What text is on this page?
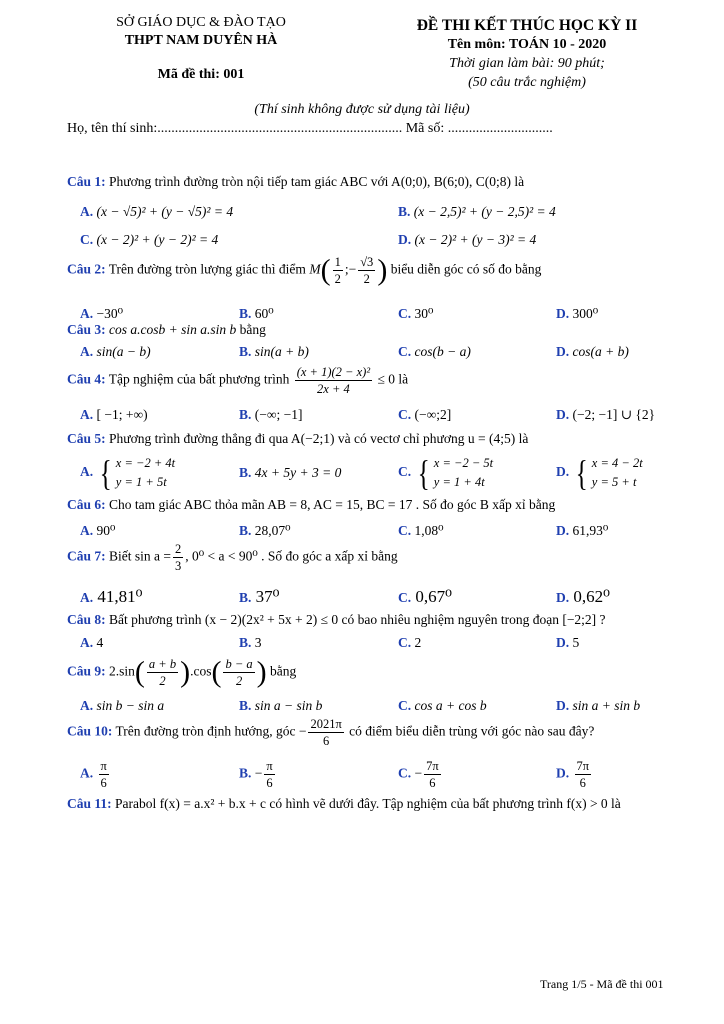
SỞ GIÁO DỤC & ĐÀO TẠO
THPT NAM DUYÊN HÀ
Mã đề thi: 001
ĐỀ THI KẾT THÚC HỌC KỲ II
Tên môn: TOÁN 10 - 2020
Thời gian làm bài: 90 phút;
(50 câu trắc nghiệm)
(Thí sinh không được sử dụng tài liệu)
Họ, tên thí sinh:...................................................................... Mã số: ..............................
Câu 1: Phương trình đường tròn nội tiếp tam giác ABC với A(0;0), B(6;0), C(0;8) là
A. (x − √5)² + (y − √5)² = 4	B. (x − 2,5)² + (y − 2,5)² = 4
C. (x − 2)² + (y − 2)² = 4	D. (x − 2)² + (y − 3)² = 4
Câu 2: Trên đường tròn lượng giác thì điểm $M( \frac{1}{2}$ ;− $\frac{√3}{2}$ ) biểu diễn góc có số đo bằng
A. −30⁰	B. 60⁰	C. 30⁰	D. 300⁰
Câu 3: cos a.cosb + sin a.sin b bằng
A. sin(a − b)	B. sin(a + b)	C. cos(b − a)	D. cos(a + b)
Câu 4: Tập nghiệm của bất phương trình $\frac{\text{(x + 1)(2 − x)²}}{2x + 4} \le 0$ là
A. [ −1; +∞)	B. (−∞; −1]	C. (−∞;2]	D. (−2; −1] ∪ {2}
Câu 5: Phương trình đường thẳng đi qua A(−2;1) và có vectơ chỉ phương u = (4;5) là
A. { x = −2 + 4t
y = 1 + 5t
B. 4x + 5y + 3 = 0	C. { x = −2 − 5t
y = 1 + 4t
D. { x = 4 − 2t
y = 5 + t
Câu 6: Cho tam giác ABC thỏa mãn AB = 8, AC = 15, BC = 17 . Số đo góc B xấp xỉ bằng
A. 90⁰	B. 28,07⁰	C. 1,08⁰	D. 61,93⁰
Câu 7: Biết $\sin a = \frac{2}{3}$ , 0⁰ < a < 90⁰ . Số đo góc a xấp xỉ bằng
A. 41,81⁰	B. 37⁰	C. 0,67⁰	D. 0,62⁰
Câu 8: Bất phương trình (x − 2)(2x² + 5x + 2) ≤ 0 có bao nhiêu nghiệm nguyên trong đoạn [−2;2] ?
A. 4	B. 3	C. 2	D. 5
Câu 9: $2.\sin( \frac{a + b}{2} ).\cos( \frac{b - a}{2}$ ) bằng
A. sin b − sin a	B. sin a − sin b	C. cos a + cos b	D. sin a + sin b
Câu 10: Trên đường tròn định hướng, góc − $\frac{2021\pi}{6}$ có điểm biểu diễn trùng với góc nào sau đây?
A. $\frac{\pi}{6}$	B. − $\frac{\pi}{6}$	C. − $\frac{7\pi}{6}$	D. $\frac{7\pi}{6}$
Câu 11: Parabol f(x) = a.x² + b.x + c có hình vẽ dưới đây. Tập nghiệm của bất phương trình f(x) > 0 là
Trang 1/5 - Mã đề thi 001
